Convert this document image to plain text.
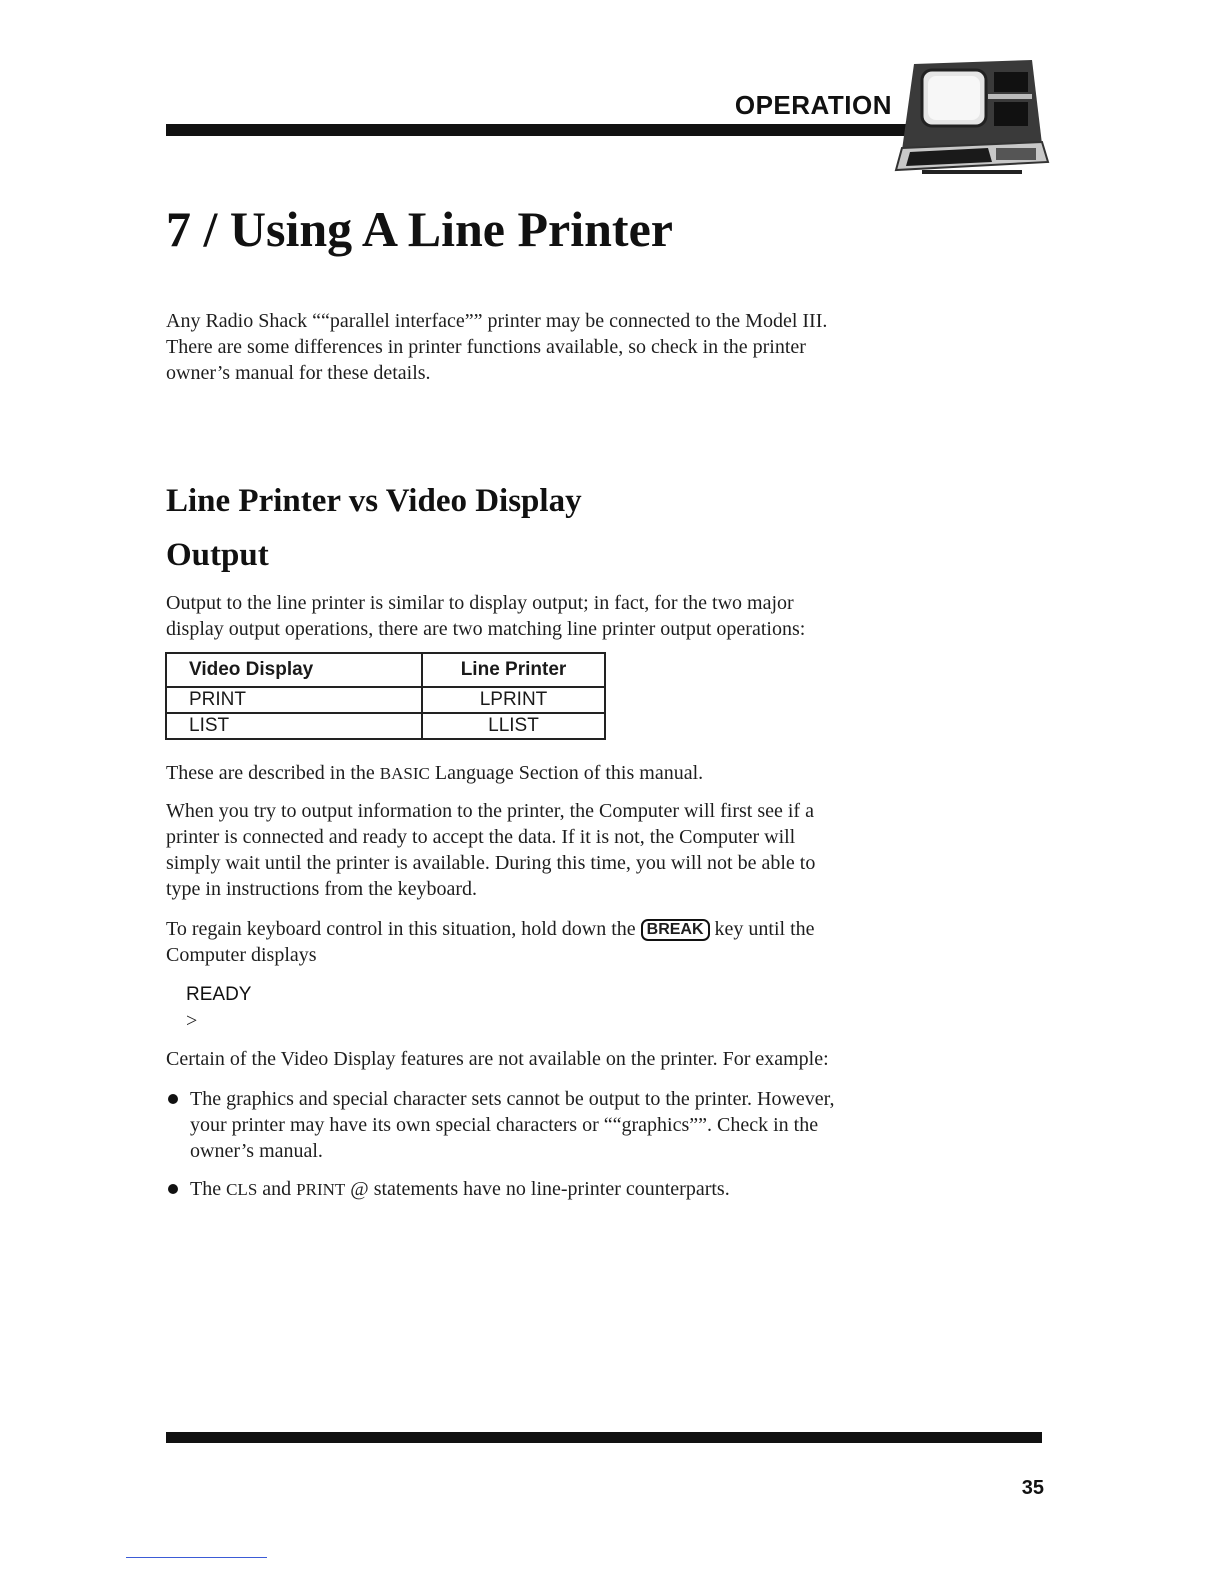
OPERATION
7 / Using A Line Printer
Any Radio Shack ““parallel interface”” printer may be connected to the Model III.
There are some differences in printer functions available, so check in the printer
owner’s manual for these details.
Line Printer vs Video Display
Output
Output to the line printer is similar to display output; in fact, for the two major
display output operations, there are two matching line printer output operations:
Video Display	Line Printer
PRINT	LPRINT
LIST	LLIST
These are described in the BASIC Language Section of this manual.
When you try to output information to the printer, the Computer will first see if a
printer is connected and ready to accept the data. If it is not, the Computer will
simply wait until the printer is available. During this time, you will not be able to
type in instructions from the keyboard.
To regain keyboard control in this situation, hold down the BREAK key until the
Computer displays
READY
>
Certain of the Video Display features are not available on the printer. For example:
The graphics and special character sets cannot be output to the printer. However,
your printer may have its own special characters or ““graphics””. Check in the
owner’s manual.
The CLS and PRINT @ statements have no line-printer counterparts.
35
